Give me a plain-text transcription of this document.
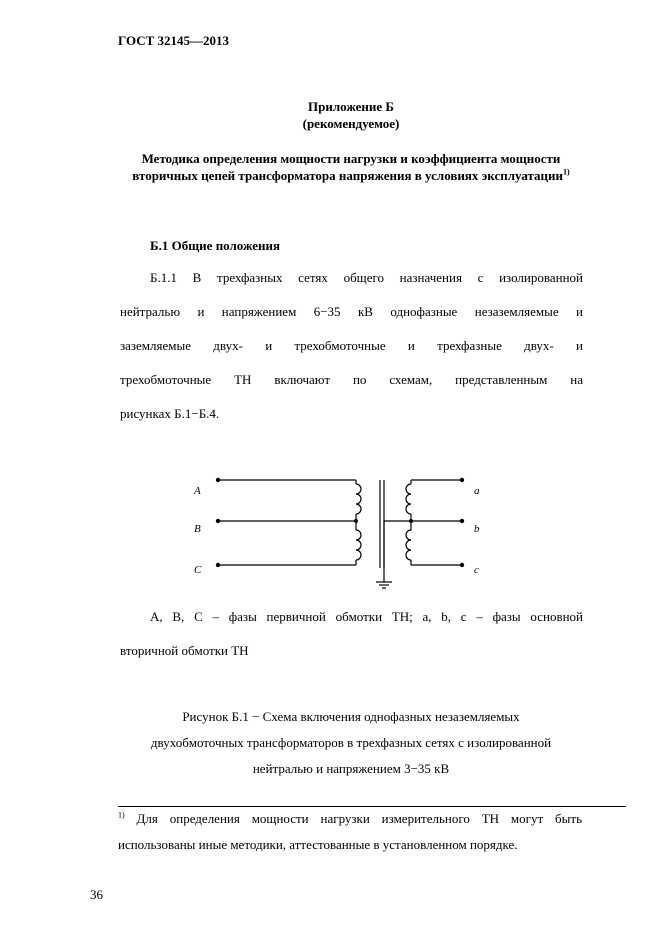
ГОСТ 32145—2013
Приложение Б
(рекомендуемое)
Методика определения мощности нагрузки и коэффициента мощности вторичных цепей трансформатора напряжения в условиях эксплуатации$^{1)}$
Б.1 Общие положения
Б.1.1 В трехфазных сетях общего назначения с изолированной
нейтралью и напряжением 6−35 кВ однофазные незаземляемые и
заземляемые двух- и трехобмоточные и трехфазные двух- и
трехобмоточные ТН включают по схемам, представленным на
рисунках Б.1−Б.4.
A
B
C
a
b
c
A, B, C – фазы первичной обмотки ТН; a, b, c – фазы основной
вторичной обмотки ТН
Рисунок Б.1 − Схема включения однофазных незаземляемых
двухобмоточных трансформаторов в трехфазных сетях с изолированной
нейтралью и напряжением 3−35 кВ
$^{1)}$ Для определения мощности нагрузки измерительного ТН могут быть
использованы иные методики, аттестованные в установленном порядке.
36
